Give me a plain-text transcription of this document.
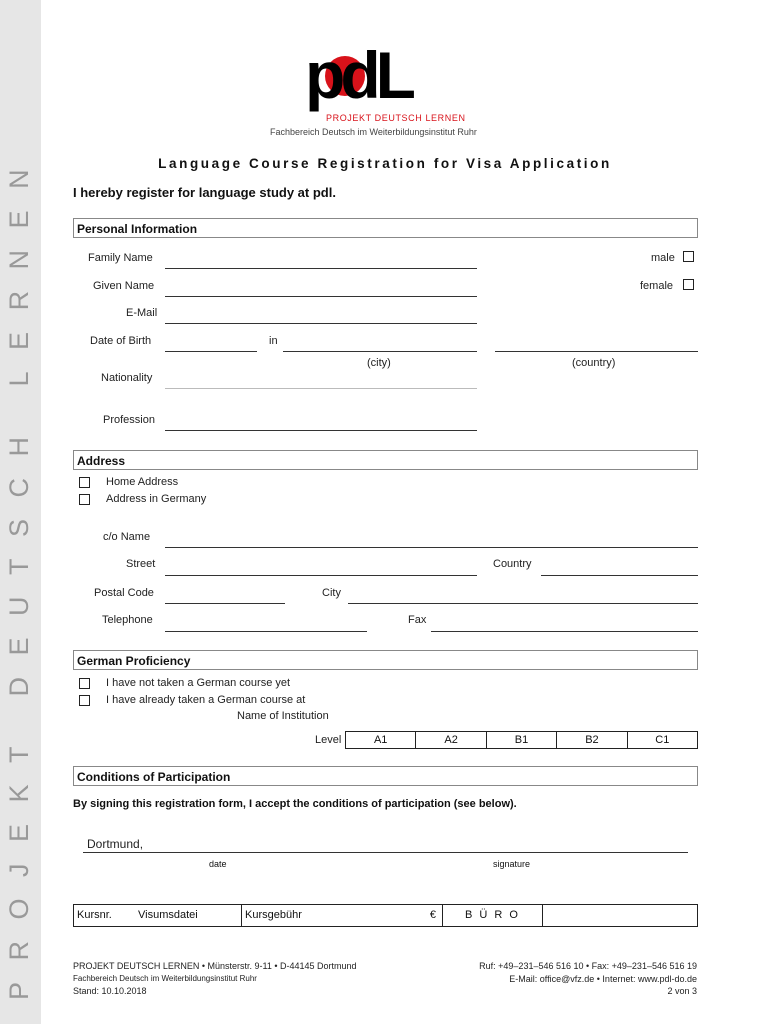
PROJEKT DEUTSCH LERNEN
pdL
PROJEKT DEUTSCH LERNEN
Fachbereich Deutsch im Weiterbildungsinstitut Ruhr
Language Course Registration for Visa Application
I hereby register for language study at pdl.
Personal Information
Family Name	male
Given Name	female
E-Mail
Date of Birth	in
(city)	(country)
Nationality
Profession
Address
Home Address
Address in Germany
c/o Name
Street	Country
Postal Code	City
Telephone	Fax
German Proficiency
I have not taken a German course yet
I have already taken a German course at
Name of Institution
Level	A1	A2	B1	B2	C1
Conditions of Participation
By signing this registration form, I accept the conditions of participation (see below).
Dortmund,
date	signature
Kursnr. Visumsdatei	Kursgebühr	€	B Ü R O
PROJEKT DEUTSCH LERNEN • Münsterstr. 9-11 • D-44145 Dortmund
Fachbereich Deutsch im Weiterbildungsinstitut Ruhr
Stand: 10.10.2018
Ruf: +49–231–546 516 10 • Fax: +49–231–546 516 19
E-Mail: office@vfz.de • Internet: www.pdl-do.de
2 von 3
